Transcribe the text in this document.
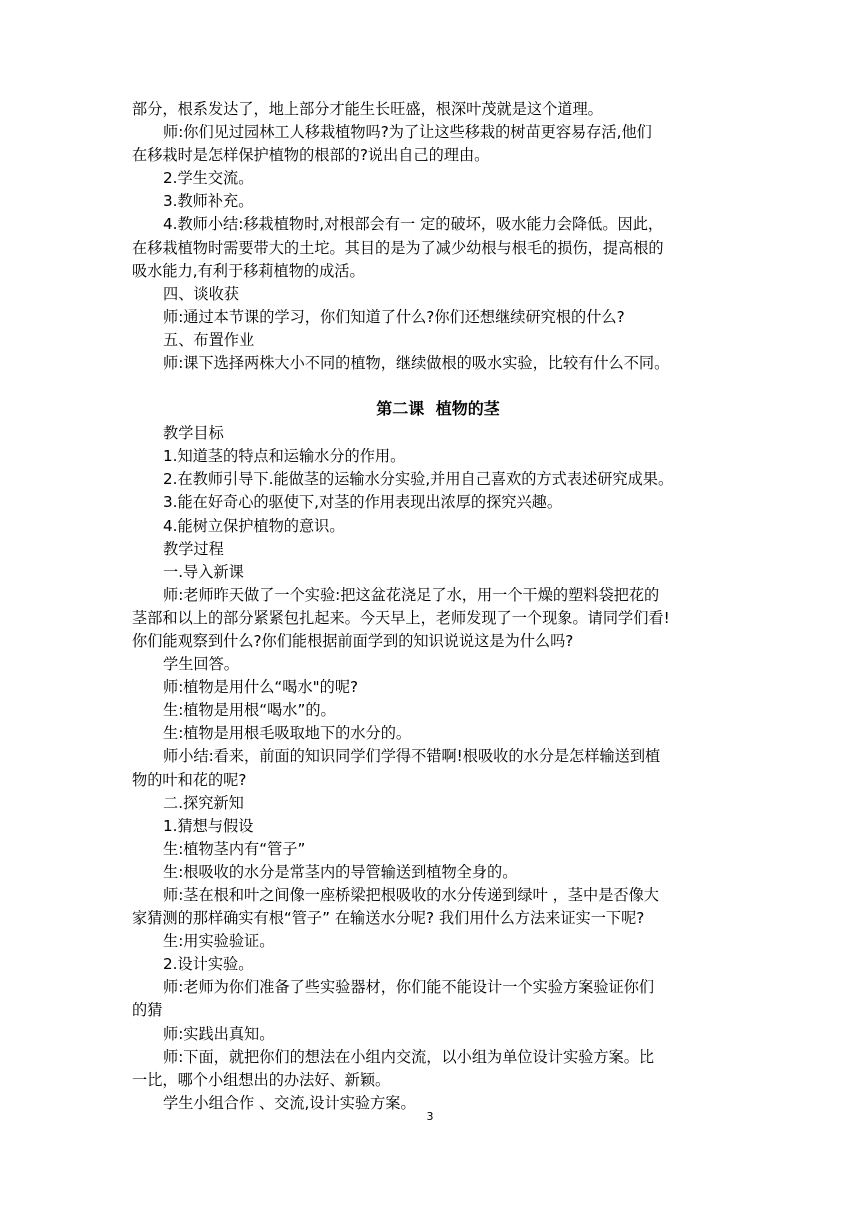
部分，根系发达了，地上部分才能生长旺盛，根深叶茂就是这个道理。
师:你们见过园林工人移栽植物吗?为了让这些移栽的树苗更容易存活,他们
在移栽时是怎样保护植物的根部的?说出自己的理由。
2.学生交流。
3.教师补充。
4.教师小结:移栽植物时,对根部会有一 定的破坏，吸水能力会降低。因此，
在移栽植物时需要带大的土坨。其目的是为了减少幼根与根毛的损伤，提高根的
吸水能力,有利于移莉植物的成活。
四、谈收获
师:通过本节课的学习，你们知道了什么?你们还想继续研究根的什么?
五、布置作业
师:课下选择两株大小不同的植物，继续做根的吸水实验，比较有什么不同。
第二课 植物的茎
教学目标
1.知道茎的特点和运输水分的作用。
2.在教师引导下.能做茎的运输水分实验,并用自己喜欢的方式表述研究成果。
3.能在好奇心的驱使下,对茎的作用表现出浓厚的探究兴趣。
4.能树立保护植物的意识。
教学过程
一.导入新课
师:老师昨天做了一个实验:把这盆花浇足了水，用一个干燥的塑料袋把花的
茎部和以上的部分紧紧包扎起来。今天早上，老师发现了一个现象。请同学们看!
你们能观察到什么?你们能根据前面学到的知识说说这是为什么吗?
学生回答。
师:植物是用什么“喝水"的呢?
生:植物是用根“喝水”的。
生:植物是用根毛吸取地下的水分的。
师小结:看来，前面的知识同学们学得不错啊!根吸收的水分是怎样输送到植
物的叶和花的呢?
二.探究新知
1.猜想与假设
生:植物茎内有“管子”
生:根吸收的水分是常茎内的导管输送到植物全身的。
师:茎在根和叶之间像一座桥梁把根吸收的水分传递到绿叶 ，茎中是否像大
家猜测的那样确实有根“管子” 在输送水分呢? 我们用什么方法来证实一下呢?
生:用实验验证。
2.设计实验。
师:老师为你们准备了些实验器材，你们能不能设计一个实验方案验证你们
的猜
师:实践出真知。
师:下面，就把你们的想法在小组内交流，以小组为单位设计实验方案。比
一比，哪个小组想出的办法好、新颖。
学生小组合作 、交流,设计实验方案。
3
